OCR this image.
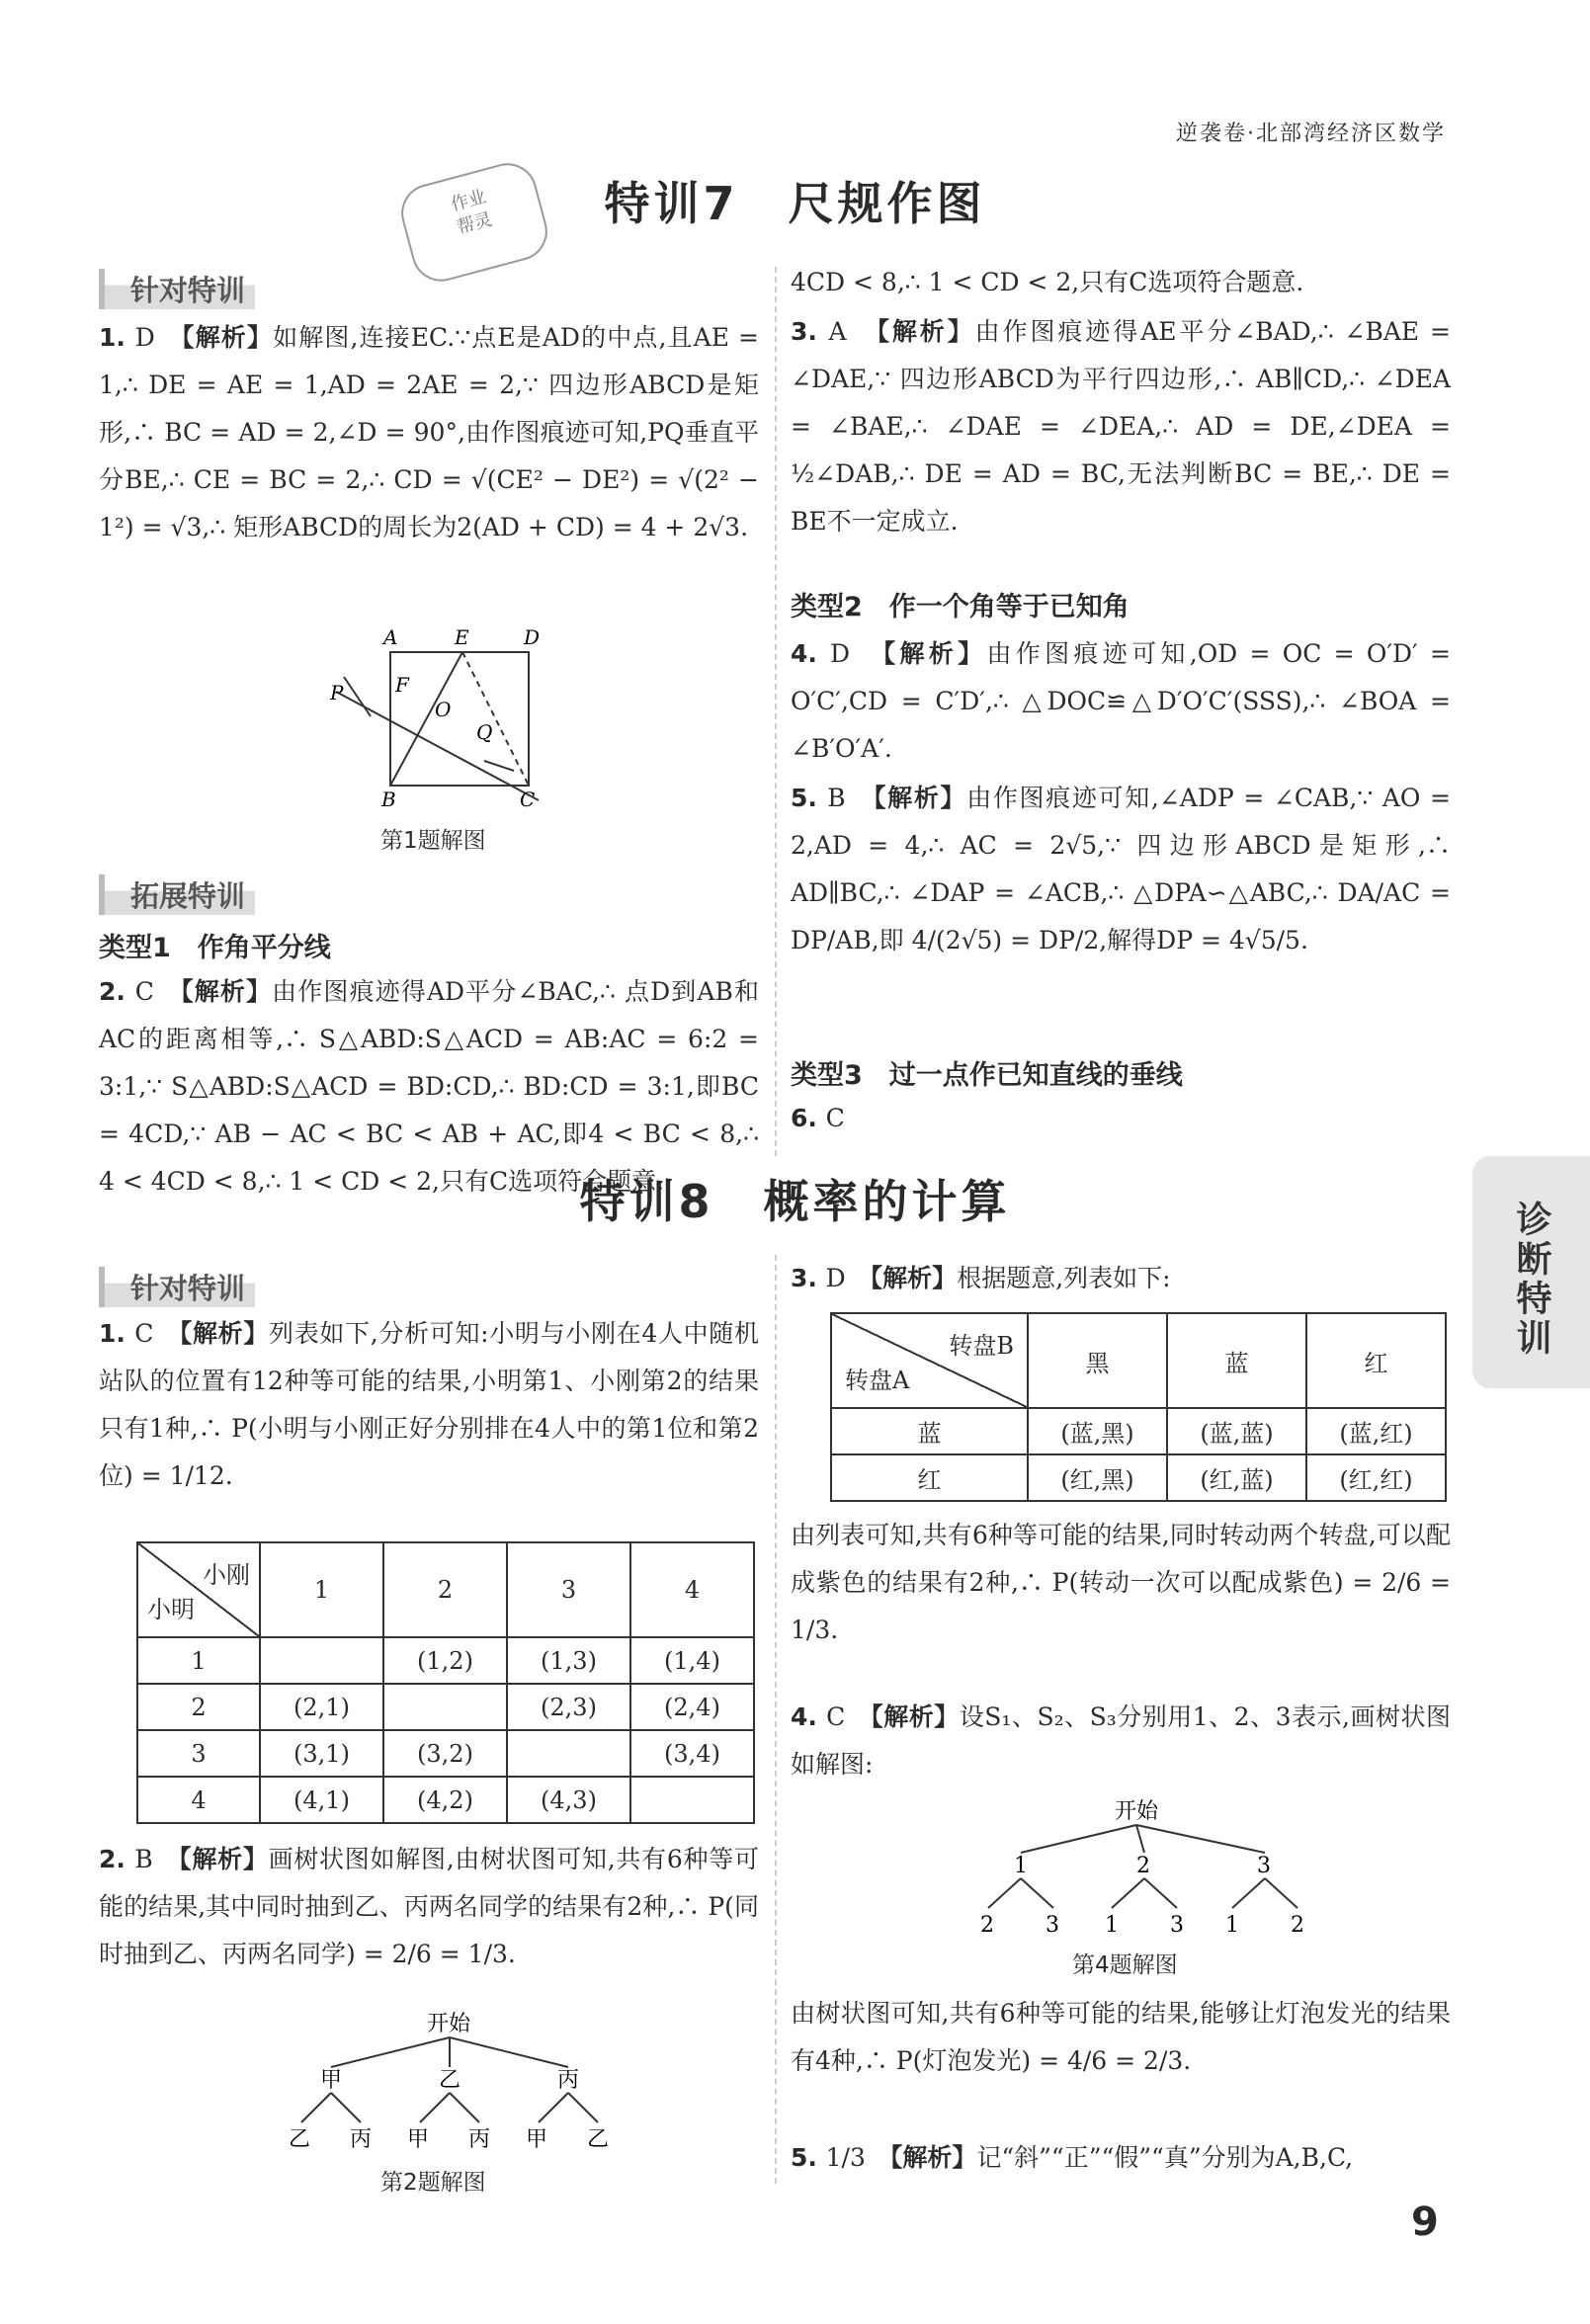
逆袭卷·北部湾经济区数学
作业
帮灵	特训7　尺规作图
针对特训
1. D　 【解析】如解图,连接EC.∵点E是AD的中点,且AE = 1,∴ DE = AE = 1,AD = 2AE = 2,∵ 四边形ABCD是矩形,∴ BC = AD = 2,∠D = 90°,由作图痕迹可知,PQ垂直平分BE,∴ CE = BC = 2,∴ CD = √(CE² − DE²) = √(2² − 1²) = √3,∴ 矩形ABCD的周长为2(AD + CD) = 4 + 2√3.
A	E	D
P	F
O
Q
B	C
第1题解图
拓展特训
类型1　作角平分线
2. C　 【解析】由作图痕迹得AD平分∠BAC,∴ 点D到AB和AC的距离相等,∴ S△ABD:S△ACD = AB:AC = 6:2 = 3:1,∵ S△ABD:S△ACD = BD:CD,∴ BD:CD = 3:1,即BC = 4CD,∵ AB − AC < BC < AB + AC,即4 < BC < 8,∴ 4 < 4CD < 8,∴ 1 < CD < 2,只有C选项符合题意.
4CD < 8,∴ 1 < CD < 2,只有C选项符合题意.
3. A　 【解析】由作图痕迹得AE平分∠BAD,∴ ∠BAE = ∠DAE,∵ 四边形ABCD为平行四边形,∴ AB∥CD,∴ ∠DEA = ∠BAE,∴ ∠DAE = ∠DEA,∴ AD = DE,∠DEA = ½∠DAB,∴ DE = AD = BC,无法判断BC = BE,∴ DE = BE不一定成立.
类型2　作一个角等于已知角
4. D　 【解析】由作图痕迹可知,OD = OC = O′D′ = O′C′,CD = C′D′,∴ △DOC≌△D′O′C′(SSS),∴ ∠BOA = ∠B′O′A′.
5. B　 【解析】由作图痕迹可知,∠ADP = ∠CAB,∵ AO = 2,AD = 4,∴ AC = 2√5,∵ 四边形ABCD是矩形,∴ AD∥BC,∴ ∠DAP = ∠ACB,∴ △DPA∽△ABC,∴ DA/AC = DP/AB,即 4/(2√5) = DP/2,解得DP = 4√5/5.
类型3　过一点作已知直线的垂线
6. C
特训8　概率的计算	诊断特训
针对特训
1. C　 【解析】列表如下,分析可知:小明与小刚在4人中随机站队的位置有12种等可能的结果,小明第1、小刚第2的结果只有1种,∴ P(小明与小刚正好分别排在4人中的第1位和第2位) = 1/12.
小刚
小明	1	2	3	4
1		(1,2)	(1,3)	(1,4)
2	(2,1)		(2,3)	(2,4)
3	(3,1)	(3,2)		(3,4)
4	(4,1)	(4,2)	(4,3)	
2. B　 【解析】画树状图如解图,由树状图可知,共有6种等可能的结果,其中同时抽到乙、丙两名同学的结果有2种,∴ P(同时抽到乙、丙两名同学) = 2/6 = 1/3.
开始
甲	乙	丙
乙 丙 甲 丙 甲 乙
第2题解图
3. D　 【解析】根据题意,列表如下:
转盘B
转盘A	黑	蓝	红
蓝	(蓝,黑)	(蓝,蓝)	(蓝,红)
红	(红,黑)	(红,蓝)	(红,红)
由列表可知,共有6种等可能的结果,同时转动两个转盘,可以配成紫色的结果有2种,∴ P(转动一次可以配成紫色) = 2/6 = 1/3.
4. C　 【解析】设S₁、S₂、S₃分别用1、2、3表示,画树状图如解图:
开始
1	2	3
2 3 1 3 1 2
第4题解图
由树状图可知,共有6种等可能的结果,能够让灯泡发光的结果有4种,∴ P(灯泡发光) = 4/6 = 2/3.
5. 1/3　 【解析】记“斜”“正”“假”“真”分别为A,B,C,
9
